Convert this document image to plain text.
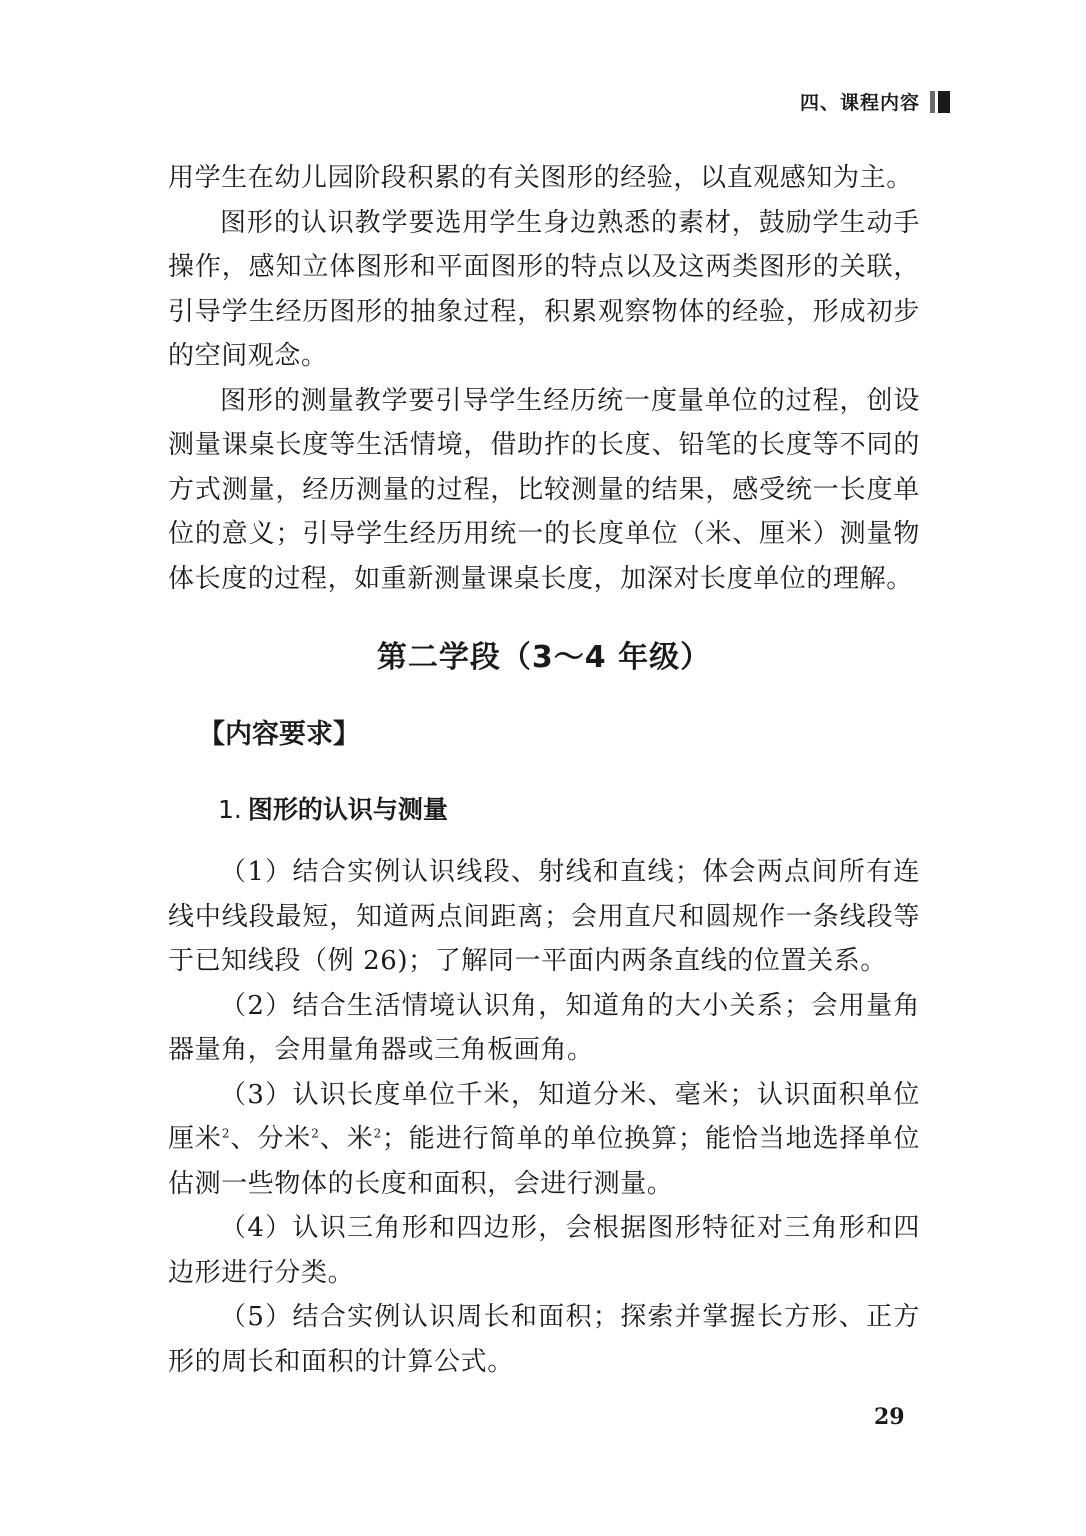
四、课程内容

用学生在幼儿园阶段积累的有关图形的经验，以直观感知为主。

图形的认识教学要选用学生身边熟悉的素材，鼓励学生动手操作，感知立体图形和平面图形的特点以及这两类图形的关联，引导学生经历图形的抽象过程，积累观察物体的经验，形成初步的空间观念。

图形的测量教学要引导学生经历统一度量单位的过程，创设测量课桌长度等生活情境，借助拃的长度、铅笔的长度等不同的方式测量，经历测量的过程，比较测量的结果，感受统一长度单位的意义；引导学生经历用统一的长度单位（米、厘米）测量物体长度的过程，如重新测量课桌长度，加深对长度单位的理解。

第二学段（3～4 年级）
【内容要求】
1. 图形的认识与测量

（1）结合实例认识线段、射线和直线；体会两点间所有连线中线段最短，知道两点间距离；会用直尺和圆规作一条线段等于已知线段（例 26)；了解同一平面内两条直线的位置关系。

（2）结合生活情境认识角，知道角的大小关系；会用量角器量角，会用量角器或三角板画角。

（3）认识长度单位千米，知道分米、毫米；认识面积单位厘米$^2$、分米$^2$、米$^2$；能进行简单的单位换算；能恰当地选择单位估测一些物体的长度和面积，会进行测量。

（4）认识三角形和四边形，会根据图形特征对三角形和四边形进行分类。

（5）结合实例认识周长和面积；探索并掌握长方形、正方形的周长和面积的计算公式。

29
